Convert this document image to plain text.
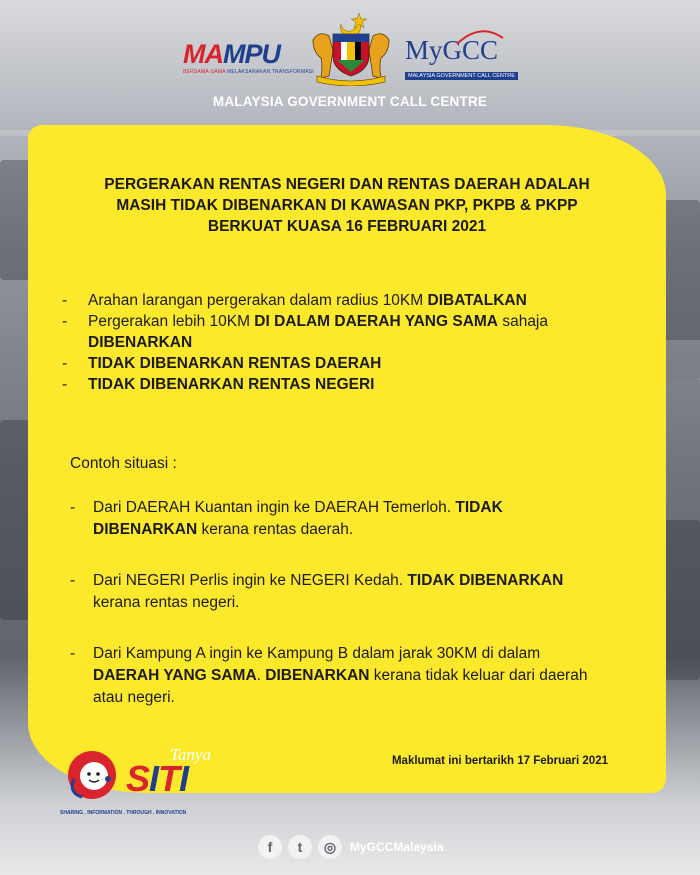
MAMPU
BERSAMA-SAMA MELAKSANAKAN TRANSFORMASI
MyGCC
MALAYSIA GOVERNMENT CALL CENTRE
MALAYSIA GOVERNMENT CALL CENTRE
PERGERAKAN RENTAS NEGERI DAN RENTAS DAERAH ADALAH
MASIH TIDAK DIBENARKAN DI KAWASAN PKP, PKPB & PKPP
BERKUAT KUASA 16 FEBRUARI 2021
-	Arahan larangan pergerakan dalam radius 10KM DIBATALKAN
-	Pergerakan lebih 10KM DI DALAM DAERAH YANG SAMA sahaja DIBENARKAN
-	TIDAK DIBENARKAN RENTAS DAERAH
-	TIDAK DIBENARKAN RENTAS NEGERI
Contoh situasi :
-	Dari DAERAH Kuantan ingin ke DAERAH Temerloh. TIDAK DIBENARKAN kerana rentas daerah.
-	Dari NEGERI Perlis ingin ke NEGERI Kedah. TIDAK DIBENARKAN kerana rentas negeri.
-	Dari Kampung A ingin ke Kampung B dalam jarak 30KM di dalam DAERAH YANG SAMA. DIBENARKAN kerana tidak keluar dari daerah atau negeri.
Maklumat ini bertarikh 17 Februari 2021
Tanya
SITI
SHARING . INFORMATION . THROUGH . INNOVATION
f	t	◎	MyGCCMalaysia
